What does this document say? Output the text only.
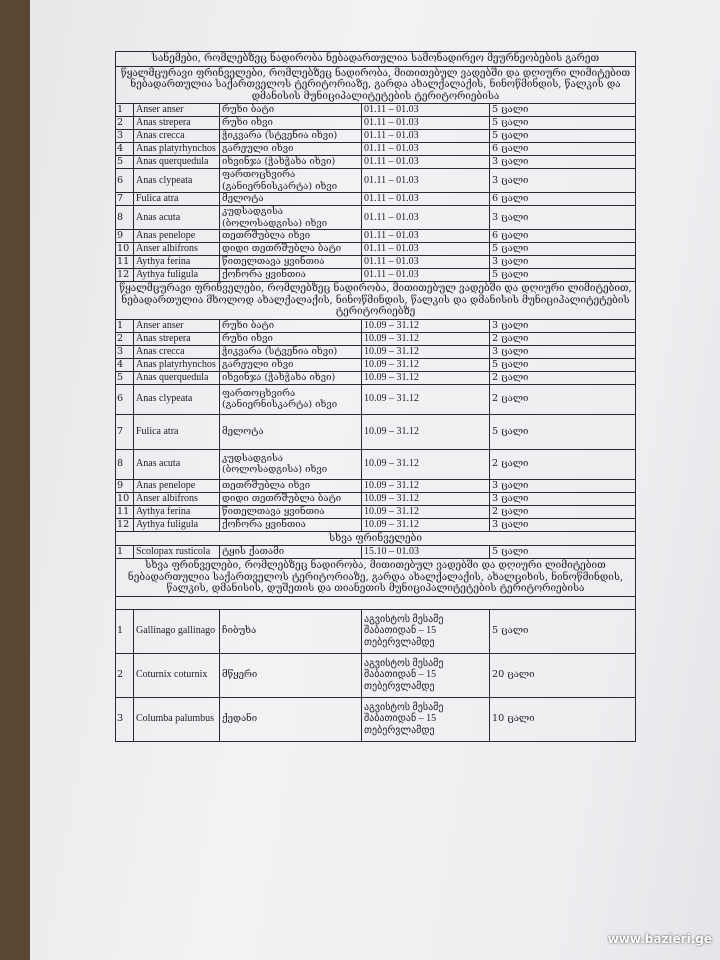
სანემები, რომლებზეც ნადირობა ნებადართულია სამონადირეო მეურნეობების გარეთ				
წყალმცურავი ფრინველები, რომლებზეც ნადირობა, მითითებულ ვადებში და დღიური ლიმიტებით ნებადართულია საქართველოს ტერიტორიაზე, გარდა ახალქალაქის, ნინოწმინდის, წალკის და დმანისის მუნიციპალიტეტების ტერიტორიებისა				
1	Anser anser	რუხი ბატი	01.11 – 01.03	5 ცალი
2	Anas strepera	რუხი იხვი	01.11 – 01.03	5 ცალი
3	Anas crecca	ჭიკვარა (სტვენია იხვი)	01.11 – 01.03	5 ცალი
4	Anas platyrhynchos	გარეული იხვი	01.11 – 01.03	6 ცალი
5	Anas querquedula	იხვინჯა (ჭახჭახა იხვი)	01.11 – 01.03	3 ცალი
6	Anas clypeata	ფართოცხვირა (განიერნისკარტა) იხვი	01.11 – 01.03	3 ცალი
7	Fulica atra	მელოტა	01.11 – 01.03	6 ცალი
8	Anas acuta	კუდსადგისა (ბოლოსადგისა) იხვი	01.11 – 01.03	3 ცალი
9	Anas penelope	თეთრშუბლა იხვი	01.11 – 01.03	6 ცალი
10	Anser albifrons	დიდი თეთრშუბლა ბატი	01.11 – 01.03	5 ცალი
11	Aythya ferina	წითელთავა ყვინთია	01.11 – 01.03	3 ცალი
12	Aythya fuligula	ქოჩორა ყვინთია	01.11 – 01.03	5 ცალი
წყალმცურავი ფრინველები, რომლებზეც ნადირობა, მითითებულ ვადებში და დღიური ლიმიტებით, ნებადართულია მხოლოდ ახალქალაქის, ნინოწმინდის, წალკის და დმანისის მუნიციპალიტეტების ტერიტორიებზე				
1	Anser anser	რუხი ბატი	10.09 – 31.12	3 ცალი
2	Anas strepera	რუხი იხვი	10.09 – 31.12	2 ცალი
3	Anas crecca	ჭიკვარა (სტვენია იხვი)	10.09 – 31.12	3 ცალი
4	Anas platyrhynchos	გარეული იხვი	10.09 – 31.12	5 ცალი
5	Anas querquedula	იხვინჯა (ჭახჭახა იხვი)	10.09 – 31.12	2 ცალი
6	Anas clypeata	ფართოცხვირა (განიერნისკარტა) იხვი	10.09 – 31.12	2 ცალი
7	Fulica atra	მელოტა	10.09 – 31.12	5 ცალი
8	Anas acuta	კუდსადგისა (ბოლოსადგისა) იხვი	10.09 – 31.12	2 ცალი
9	Anas penelope	თეთრშუბლა იხვი	10.09 – 31.12	3 ცალი
10	Anser albifrons	დიდი თეთრშუბლა ბატი	10.09 – 31.12	3 ცალი
11	Aythya ferina	წითელთავა ყვინთია	10.09 – 31.12	2 ცალი
12	Aythya fuligula	ქოჩორა ყვინთია	10.09 – 31.12	3 ცალი
სხვა ფრინველები				
1	Scolopax rusticola	ტყის ქათამი	15.10 – 01.03	5 ცალი
სხვა ფრინველები, რომლებზეც ნადირობა, მითითებულ ვადებში და დღიური ლიმიტებით ნებადართულია საქართველოს ტერიტორიაზე, გარდა ახალქალაქის, ახალციხის, ნინოწმინდის, წალკის, დმანისის, დუშეთის და თიანეთის მუნიციპალიტეტების ტერიტორიებისა				

1	Gallinago gallinago	ჩიბუხა	აგვისტოს მესამე შაბათიდან – 15 თებერვლამდე	5 ცალი
2	Coturnix coturnix	მწყერი	აგვისტოს მესამე შაბათიდან – 15 თებერვლამდე	20 ცალი
3	Columba palumbus	ქედანი	აგვისტოს მესამე შაბათიდან – 15 თებერვლამდე	10 ცალი
www.bazieri.ge
